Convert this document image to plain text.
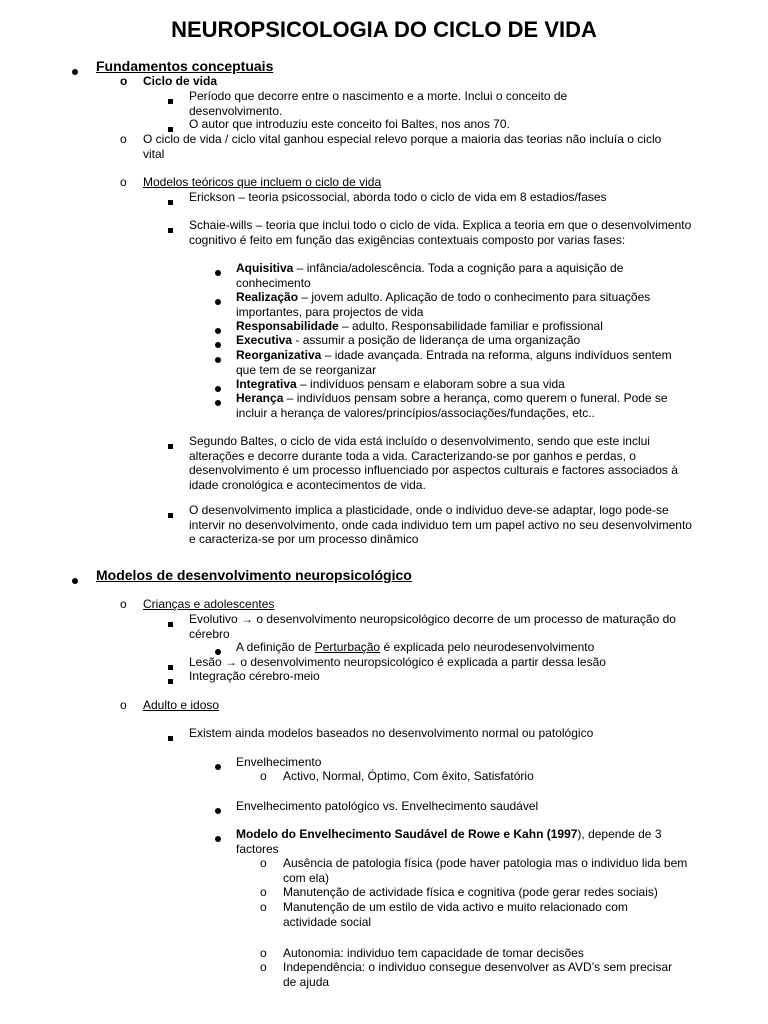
NEUROPSICOLOGIA DO CICLO DE VIDA
Fundamentos conceptuais
o Ciclo de vida
Período que decorre entre o nascimento e a morte. Inclui o conceito de desenvolvimento.
O autor que introduziu este conceito foi Baltes, nos anos 70.
o O ciclo de vida / ciclo vital ganhou especial relevo porque a maioria das teorias não incluía o ciclo vital
o Modelos teóricos que incluem o ciclo de vida
Erickson – teoria psicossocial, aborda todo o ciclo de vida em 8 estadios/fases
Schaie-wills – teoria que inclui todo o ciclo de vida. Explica a teoria em que o desenvolvimento cognitivo é feito em função das exigências contextuais composto por varias fases:
Aquisitiva – infância/adolescência. Toda a cognição para a aquisição de conhecimento
Realização – jovem adulto. Aplicação de todo o conhecimento para situações importantes, para projectos de vida
Responsabilidade – adulto. Responsabilidade familiar e profissional
Executiva - assumir a posição de liderança de uma organização
Reorganizativa – idade avançada. Entrada na reforma, alguns indivíduos sentem que tem de se reorganizar
Integrativa – indivíduos pensam e elaboram sobre a sua vida
Herança – indivíduos pensam sobre a herança, como querem o funeral. Pode se incluir a herança de valores/princípios/associações/fundações, etc..
Segundo Baltes, o ciclo de vida está incluído o desenvolvimento, sendo que este inclui alterações e decorre durante toda a vida. Caracterizando-se por ganhos e perdas, o desenvolvimento é um processo influenciado por aspectos culturais e factores associados à idade cronológica e acontecimentos de vida.
O desenvolvimento implica a plasticidade, onde o individuo deve-se adaptar, logo pode-se intervir no desenvolvimento, onde cada individuo tem um papel activo no seu desenvolvimento e caracteriza-se por um processo dinâmico
Modelos de desenvolvimento neuropsicológico
o Crianças e adolescentes
Evolutivo → o desenvolvimento neuropsicológico decorre de um processo de maturação do cérebro
A definição de Perturbação é explicada pelo neurodesenvolvimento
Lesão → o desenvolvimento neuropsicológico é explicada a partir dessa lesão
Integração cérebro-meio
o Adulto e idoso
Existem ainda modelos baseados no desenvolvimento normal ou patológico
Envelhecimento
o Activo, Normal, Óptimo, Com êxito, Satisfatório
Envelhecimento patológico vs. Envelhecimento saudável
Modelo do Envelhecimento Saudável de Rowe e Kahn (1997), depende de 3 factores
o Ausência de patologia física (pode haver patologia mas o individuo lida bem com ela)
o Manutenção de actividade física e cognitiva (pode gerar redes sociais)
o Manutenção de um estilo de vida activo e muito relacionado com actividade social
o Autonomia: individuo tem capacidade de tomar decisões
o Independência: o individuo consegue desenvolver as AVD’s sem precisar de ajuda
